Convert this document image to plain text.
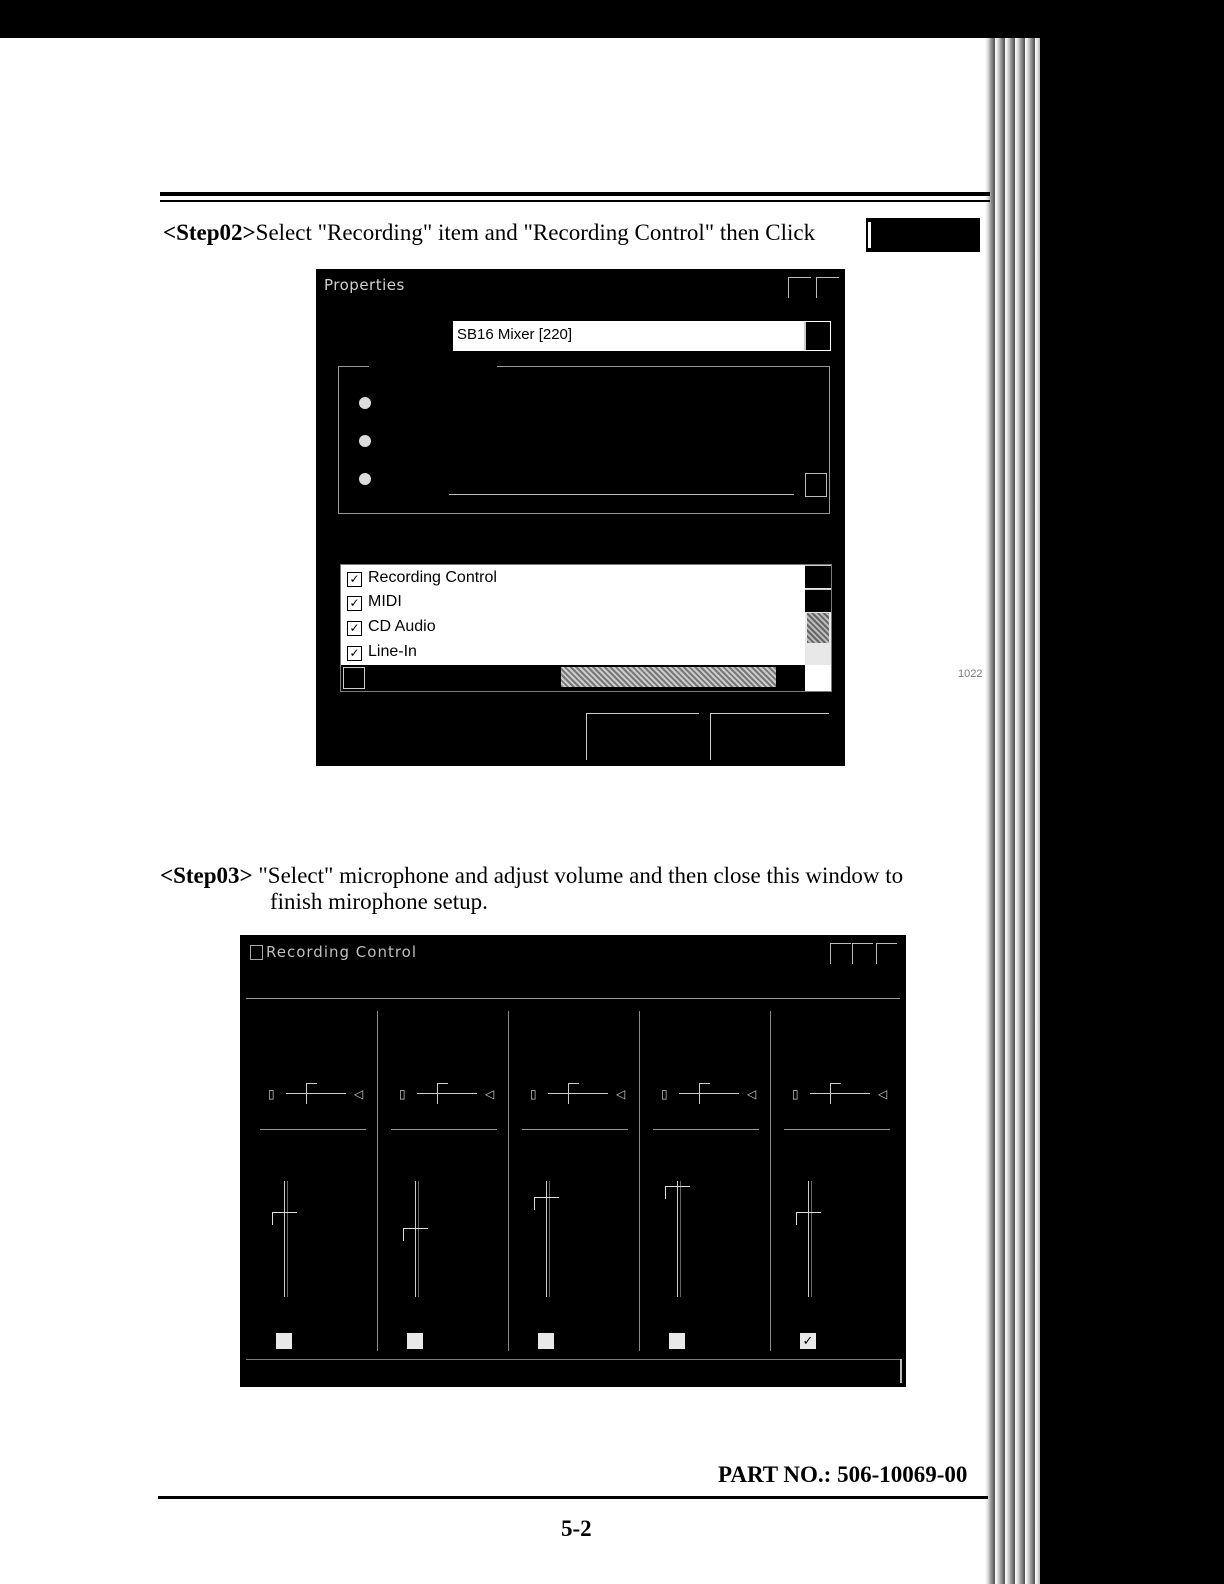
<Step02>Select "Recording" item and "Recording Control" then Click
Properties
SB16 Mixer [220]
✓ Recording Control
✓ MIDI
✓ CD Audio
✓ Line-In
<Step03> "Select" microphone and adjust volume and then close this window to
finish mirophone setup.
Recording Control
▯	◁	▯	◁	▯	◁	▯	◁	▯	◁
✓
1022
PART NO.: 506-10069-00
5-2
